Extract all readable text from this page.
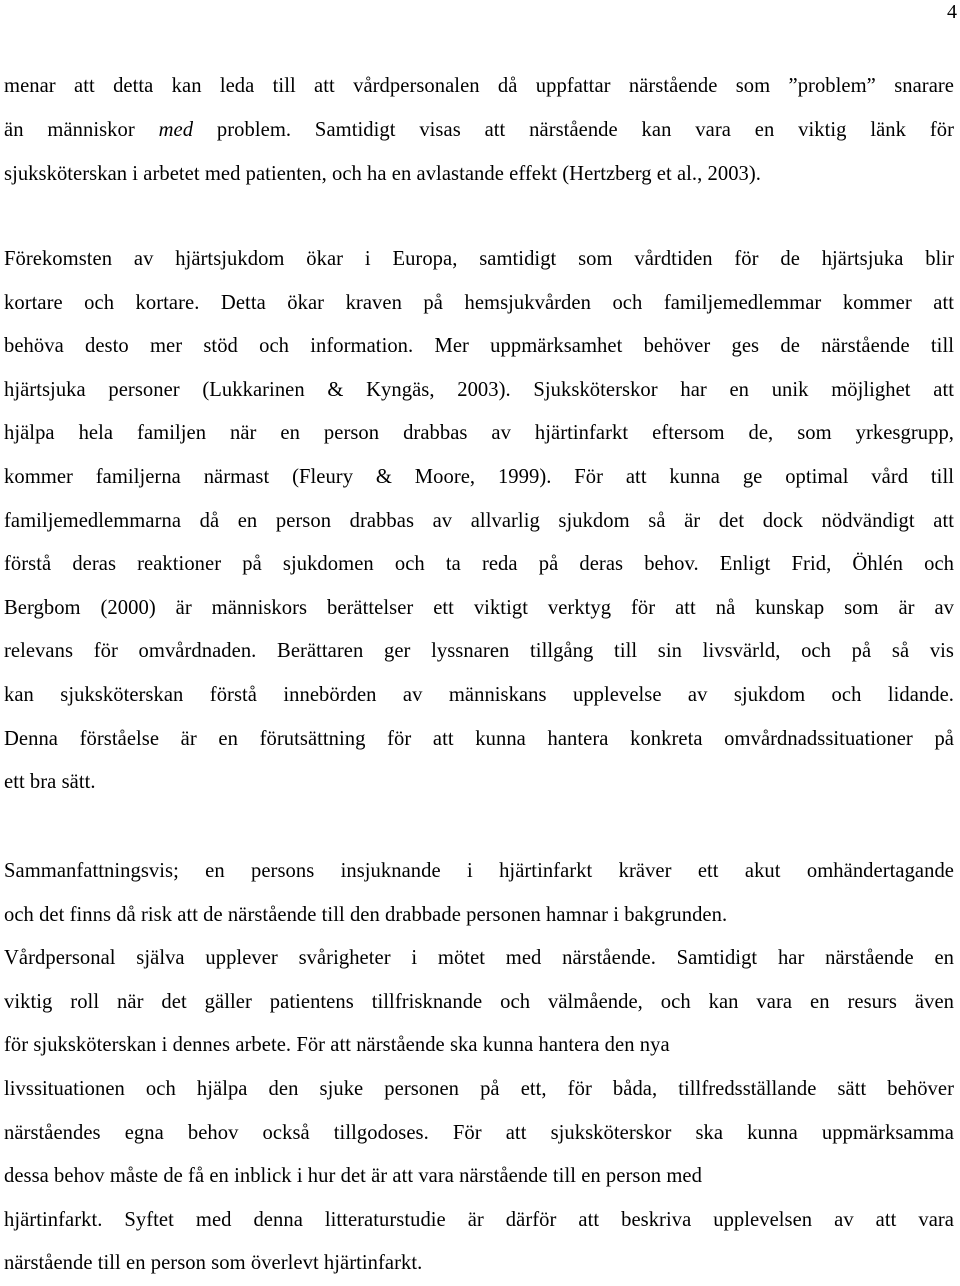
4

menar att detta kan leda till att vårdpersonalen då uppfattar närstående som ”problem” snarare
än människor med problem. Samtidigt visas att närstående kan vara en viktig länk för
sjuksköterskan i arbetet med patienten, och ha en avlastande effekt (Hertzberg et al., 2003).

Förekomsten av hjärtsjukdom ökar i Europa, samtidigt som vårdtiden för de hjärtsjuka blir
kortare och kortare. Detta ökar kraven på hemsjukvården och familjemedlemmar kommer att
behöva desto mer stöd och information. Mer uppmärksamhet behöver ges de närstående till
hjärtsjuka personer (Lukkarinen & Kyngäs, 2003). Sjuksköterskor har en unik möjlighet att
hjälpa hela familjen när en person drabbas av hjärtinfarkt eftersom de, som yrkesgrupp,
kommer familjerna närmast (Fleury & Moore, 1999). För att kunna ge optimal vård till
familjemedlemmarna då en person drabbas av allvarlig sjukdom så är det dock nödvändigt att
förstå deras reaktioner på sjukdomen och ta reda på deras behov. Enligt Frid, Öhlén och
Bergbom (2000) är människors berättelser ett viktigt verktyg för att nå kunskap som är av
relevans för omvårdnaden. Berättaren ger lyssnaren tillgång till sin livsvärld, och på så vis
kan sjuksköterskan förstå innebörden av människans upplevelse av sjukdom och lidande.
Denna förståelse är en förutsättning för att kunna hantera konkreta omvårdnadssituationer på
ett bra sätt.

Sammanfattningsvis; en persons insjuknande i hjärtinfarkt kräver ett akut omhändertagande
och det finns då risk att de närstående till den drabbade personen hamnar i bakgrunden.
Vårdpersonal själva upplever svårigheter i mötet med närstående. Samtidigt har närstående en
viktig roll när det gäller patientens tillfrisknande och välmående, och kan vara en resurs även
för sjuksköterskan i dennes arbete. För att närstående ska kunna hantera den nya
livssituationen och hjälpa den sjuke personen på ett, för båda, tillfredsställande sätt behöver
närståendes egna behov också tillgodoses. För att sjuksköterskor ska kunna uppmärksamma
dessa behov måste de få en inblick i hur det är att vara närstående till en person med
hjärtinfarkt. Syftet med denna litteraturstudie är därför att beskriva upplevelsen av att vara
närstående till en person som överlevt hjärtinfarkt.
